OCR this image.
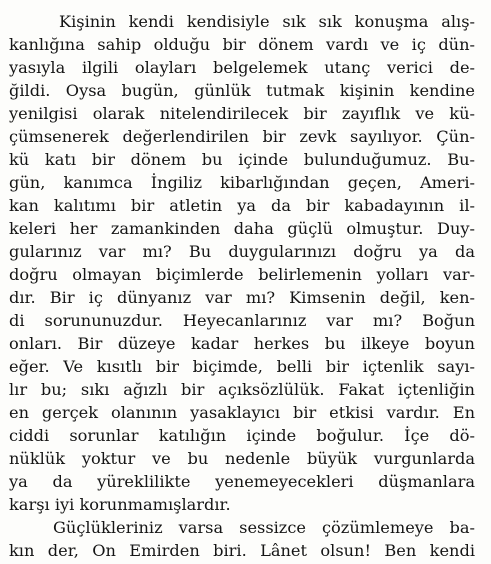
Kişinin kendi kendisiyle sık sık konuşma alış-
kanlığına sahip olduğu bir dönem vardı ve iç dün-
yasıyla ilgili olayları belgelemek utanç verici de-
ğildi. Oysa bugün, günlük tutmak kişinin kendine
yenilgisi olarak nitelendirilecek bir zayıflık ve kü-
çümsenerek değerlendirilen bir zevk sayılıyor. Çün-
kü katı bir dönem bu içinde bulunduğumuz. Bu-
gün, kanımca İngiliz kibarlığından geçen, Ameri-
kan kalıtımı bir atletin ya da bir kabadayının il-
keleri her zamankinden daha güçlü olmuştur. Duy-
gularınız var mı? Bu duygularınızı doğru ya da
doğru olmayan biçimlerde belirlemenin yolları var-
dır. Bir iç dünyanız var mı? Kimsenin değil, ken-
di sorununuzdur. Heyecanlarınız var mı? Boğun
onları. Bir düzeye kadar herkes bu ilkeye boyun
eğer. Ve kısıtlı bir biçimde, belli bir içtenlik sayı-
lır bu; sıkı ağızlı bir açıksözlülük. Fakat içtenliğin
en gerçek olanının yasaklayıcı bir etkisi vardır. En
ciddi sorunlar katılığın içinde boğulur. İçe dö-
nüklük yoktur ve bu nedenle büyük vurgunlarda
ya da yüreklilikte yenemeyecekleri düşmanlara
karşı iyi korunmamışlardır.
Güçlükleriniz varsa sessizce çözümlemeye ba-
kın der, On Emirden biri. Lânet olsun! Ben kendi
